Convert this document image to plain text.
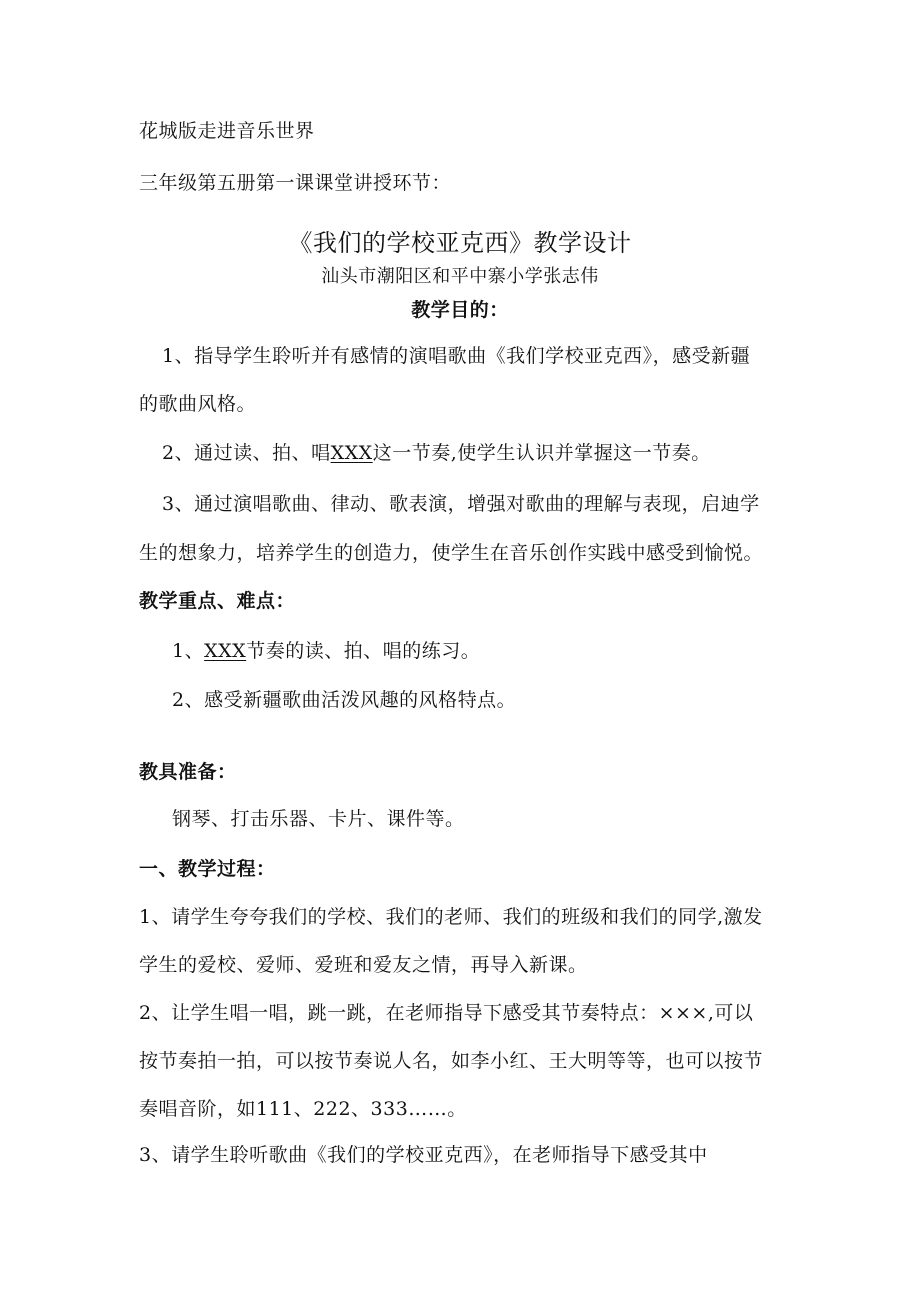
花城版走进音乐世界
三年级第五册第一课课堂讲授环节：
《我们的学校亚克西》教学设计
汕头市潮阳区和平中寨小学张志伟
教学目的：
1、指导学生聆听并有感情的演唱歌曲《我们学校亚克西》，感受新疆
的歌曲风格。
2、通过读、拍、唱XXX这一节奏,使学生认识并掌握这一节奏。
3、通过演唱歌曲、律动、歌表演，增强对歌曲的理解与表现，启迪学
生的想象力，培养学生的创造力，使学生在音乐创作实践中感受到愉悦。
教学重点、难点：
1、XXX节奏的读、拍、唱的练习。
2、感受新疆歌曲活泼风趣的风格特点。
教具准备：
钢琴、打击乐器、卡片、课件等。
一、教学过程：
1、请学生夸夸我们的学校、我们的老师、我们的班级和我们的同学,激发
学生的爱校、爱师、爱班和爱友之情，再导入新课。
2、让学生唱一唱，跳一跳，在老师指导下感受其节奏特点：×××,可以
按节奏拍一拍，可以按节奏说人名，如李小红、王大明等等，也可以按节
奏唱音阶，如111、222、333……。
3、请学生聆听歌曲《我们的学校亚克西》，在老师指导下感受其中
